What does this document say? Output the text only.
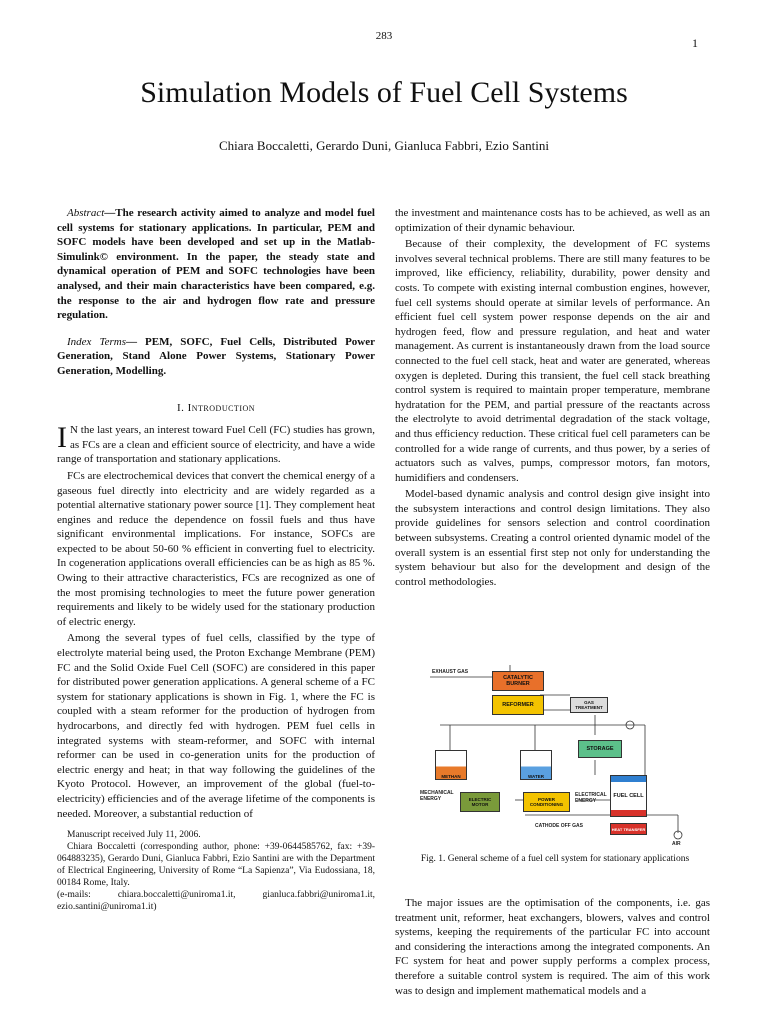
283	1
Simulation Models of Fuel Cell Systems
Chiara Boccaletti, Gerardo Duni, Gianluca Fabbri, Ezio Santini

Abstract—The research activity aimed to analyze and model fuel cell systems for stationary applications. In particular, PEM and SOFC models have been developed and set up in the Matlab-Simulink© environment. In the paper, the steady state and dynamical operation of PEM and SOFC technologies have been analysed, and their main characteristics have been compared, e.g. the response to the air and hydrogen flow rate and pressure regulation.

Index Terms— PEM, SOFC, Fuel Cells, Distributed Power Generation, Stand Alone Power Systems, Stationary Power Generation, Modelling.

I. Introduction

I N the last years, an interest toward Fuel Cell (FC) studies has grown, as FCs are a clean and efficient source of electricity, and have a wide range of transportation and stationary applications.

FCs are electrochemical devices that convert the chemical energy of a gaseous fuel directly into electricity and are widely regarded as a potential alternative stationary power source [1]. They complement heat engines and reduce the dependence on fossil fuels and thus have significant environmental implications. For instance, SOFCs are expected to be about 50-60 % efficient in converting fuel to electricity. In cogeneration applications overall efficiencies can be as high as 85 %. Owing to their attractive characteristics, FCs are recognized as one of the most promising technologies to meet the future power generation requirements and likely to be widely used for the stationary production of electric energy.

Among the several types of fuel cells, classified by the type of electrolyte material being used, the Proton Exchange Membrane (PEM) FC and the Solid Oxide Fuel Cell (SOFC) are considered in this paper for distributed power generation applications. A general scheme of a FC system for stationary applications is shown in Fig. 1, where the FC is coupled with a steam reformer for the production of hydrogen from hydrocarbons, and directly fed with hydrogen. PEM fuel cells in integrated systems with steam-reformer, and SOFC with internal reformer can be used in co-generation units for the production of electric energy and heat; in that way following the guidelines of the Kyoto Protocol. However, an improvement of the global (fuel-to-electricity) efficiencies and of the average lifetime of the components is needed. Moreover, a substantial reduction of

Manuscript received July 11, 2006.

Chiara Boccaletti (corresponding author, phone: +39-0644585762, fax: +39-064883235), Gerardo Duni, Gianluca Fabbri, Ezio Santini are with the Department of Electrical Engineering, University of Rome “La Sapienza”, Via Eudossiana, 18, 00184 Rome, Italy.

(e-mails: chiara.boccaletti@uniroma1.it, gianluca.fabbri@uniroma1.it, ezio.santini@uniroma1.it)

the investment and maintenance costs has to be achieved, as well as an optimization of their dynamic behaviour.

Because of their complexity, the development of FC systems involves several technical problems. There are still many features to be improved, like efficiency, reliability, durability, power density and costs. To compete with existing internal combustion engines, however, fuel cell systems should operate at similar levels of performance. An efficient fuel cell system power response depends on the air and hydrogen feed, flow and pressure regulation, and heat and water management. As current is instantaneously drawn from the load source connected to the fuel cell stack, heat and water are generated, whereas oxygen is depleted. During this transient, the fuel cell stack breathing control system is required to maintain proper temperature, membrane hydratation for the PEM, and partial pressure of the reactants across the electrolyte to avoid detrimental degradation of the stack voltage, and thus efficiency reduction. These critical fuel cell parameters can be controlled for a wide range of currents, and thus power, by a series of actuators such as valves, pumps, compressor motors, fan motors, humidifiers and condensers.

Model-based dynamic analysis and control design give insight into the subsystem interactions and control design limitations. They also provide guidelines for sensors selection and control coordination between subsystems. Creating a control oriented dynamic model of the overall system is an essential first step not only for understanding the system behaviour but also for the development and design of the control methodologies.

CATALYTIC BURNER
REFORMER	GAS TREATMENT
STORAGE
METHAN	WATER
ELECTRIC MOTOR
POWER CONDITIONING
FUEL CELL
HEAT TRANSFER
EXHAUST GAS
MECHANICAL ENERGY
ELECTRICAL ENERGY
CATHODE OFF GAS
AIR
Fig. 1. General scheme of a fuel cell system for stationary applications

The major issues are the optimisation of the components, i.e. gas treatment unit, reformer, heat exchangers, blowers, valves and control systems, keeping the requirements of the particular FC into account and considering the interactions among the integrated components. An FC system for heat and power supply performs a complex process, therefore a suitable control system is required. The aim of this work was to design and implement mathematical models and a
